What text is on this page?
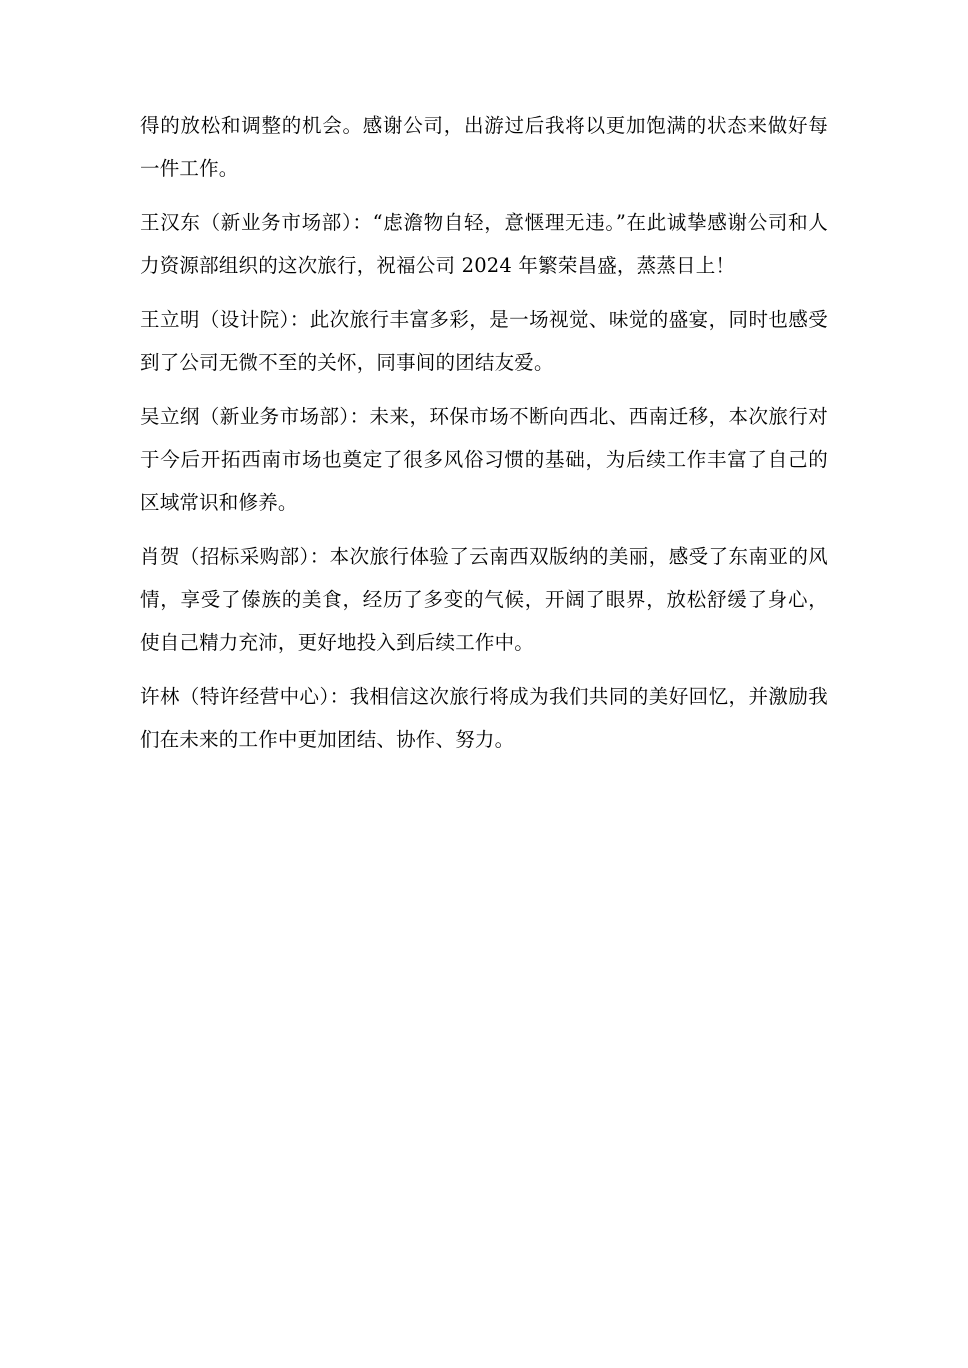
得的放松和调整的机会。感谢公司，出游过后我将以更加饱满的状态来做好每一件工作。

王汉东（新业务市场部）：“虑澹物自轻，意惬理无违。”在此诚挚感谢公司和人力资源部组织的这次旅行，祝福公司 2024 年繁荣昌盛，蒸蒸日上！

王立明（设计院）：此次旅行丰富多彩，是一场视觉、味觉的盛宴，同时也感受到了公司无微不至的关怀，同事间的团结友爱。

吴立纲（新业务市场部）：未来，环保市场不断向西北、西南迁移，本次旅行对于今后开拓西南市场也奠定了很多风俗习惯的基础，为后续工作丰富了自己的区域常识和修养。

肖贺（招标采购部）：本次旅行体验了云南西双版纳的美丽，感受了东南亚的风情，享受了傣族的美食，经历了多变的气候，开阔了眼界，放松舒缓了身心，使自己精力充沛，更好地投入到后续工作中。

许林（特许经营中心）：我相信这次旅行将成为我们共同的美好回忆，并激励我们在未来的工作中更加团结、协作、努力。
